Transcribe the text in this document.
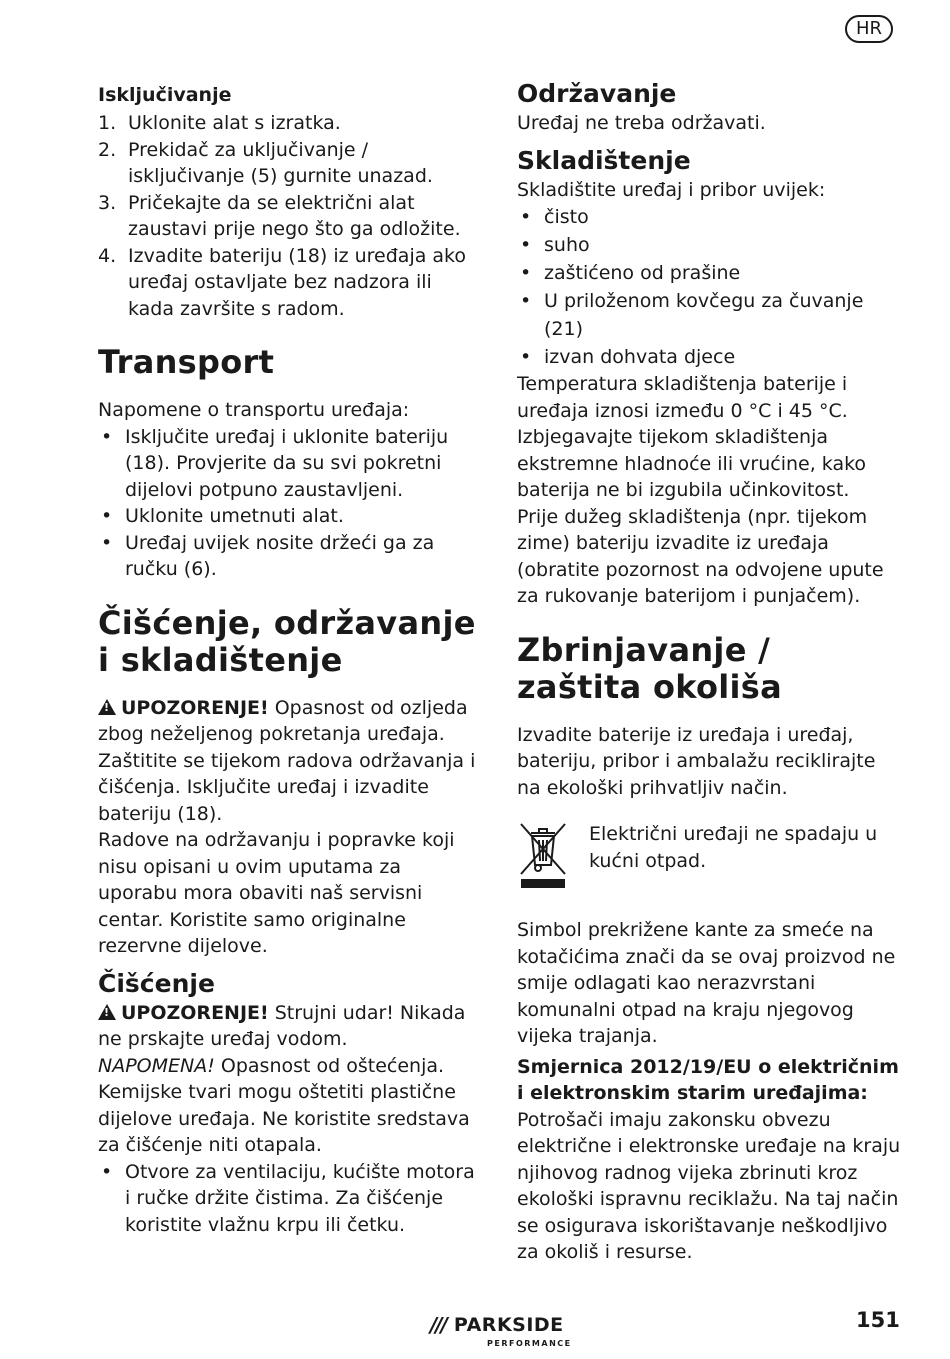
HR
Isključivanje
1. Uklonite alat s izratka.
2. Prekidač za uključivanje / isključivanje (5) gurnite unazad.
3. Pričekajte da se električni alat zaustavi prije nego što ga odložite.
4. Izvadite bateriju (18) iz uređaja ako uređaj ostavljate bez nadzora ili kada završite s radom.
Transport

Napomene o transportu uređaja:

• Isključite uređaj i uklonite bateriju (18). Provjerite da su svi pokretni dijelovi potpuno zaustavljeni.
• Uklonite umetnuti alat.
• Uređaj uvijek nosite držeći ga za ručku (6).
Čišćenje, održavanje i skladištenje

!UPOZORENJE! Opasnost od ozljeda zbog neželjenog pokretanja uređaja. Zaštitite se tijekom radova održavanja i čišćenja. Isključite uređaj i izvadite bateriju (18).

Radove na održavanju i popravke koji nisu opisani u ovim uputama za uporabu mora obaviti naš servisni centar. Koristite samo originalne rezervne dijelove.

Čišćenje

!UPOZORENJE! Strujni udar! Nikada ne prskajte uređaj vodom.

NAPOMENA! Opasnost od oštećenja. Kemijske tvari mogu oštetiti plastične dijelove uređaja. Ne koristite sredstava za čišćenje niti otapala.

• Otvore za ventilaciju, kućište motora i ručke držite čistima. Za čišćenje koristite vlažnu krpu ili četku.
Održavanje

Uređaj ne treba održavati.

Skladištenje

Skladištite uređaj i pribor uvijek:

• čisto
• suho
• zaštićeno od prašine
• U priloženom kovčegu za čuvanje (21)
• izvan dohvata djece

Temperatura skladištenja baterije i uređaja iznosi između 0 °C i 45 °C. Izbjegavajte tijekom skladištenja ekstremne hladnoće ili vrućine, kako baterija ne bi izgubila učinkovitost.

Prije dužeg skladištenja (npr. tijekom zime) bateriju izvadite iz uređaja (obratite pozornost na odvojene upute za rukovanje baterijom i punjačem).

Zbrinjavanje / zaštita okoliša

Izvadite baterije iz uređaja i uređaj, bateriju, pribor i ambalažu reciklirajte na ekološki prihvatljiv način.

Električni uređaji ne spadaju u kućni otpad.

Simbol prekrižene kante za smeće na kotačićima znači da se ovaj proizvod ne smije odlagati kao nerazvrstani komunalni otpad na kraju njegovog vijeka trajanja.

Smjernica 2012/19/EU o električnim i elektronskim starim uređajima:

Potrošači imaju zakonsku obvezu električne i elektronske uređaje na kraju njihovog radnog vijeka zbrinuti kroz ekološki ispravnu reciklažu. Na taj način se osigurava iskorištavanje neškodljivo za okoliš i resurse.

/// PARKSIDE
PERFORMANCE
151
